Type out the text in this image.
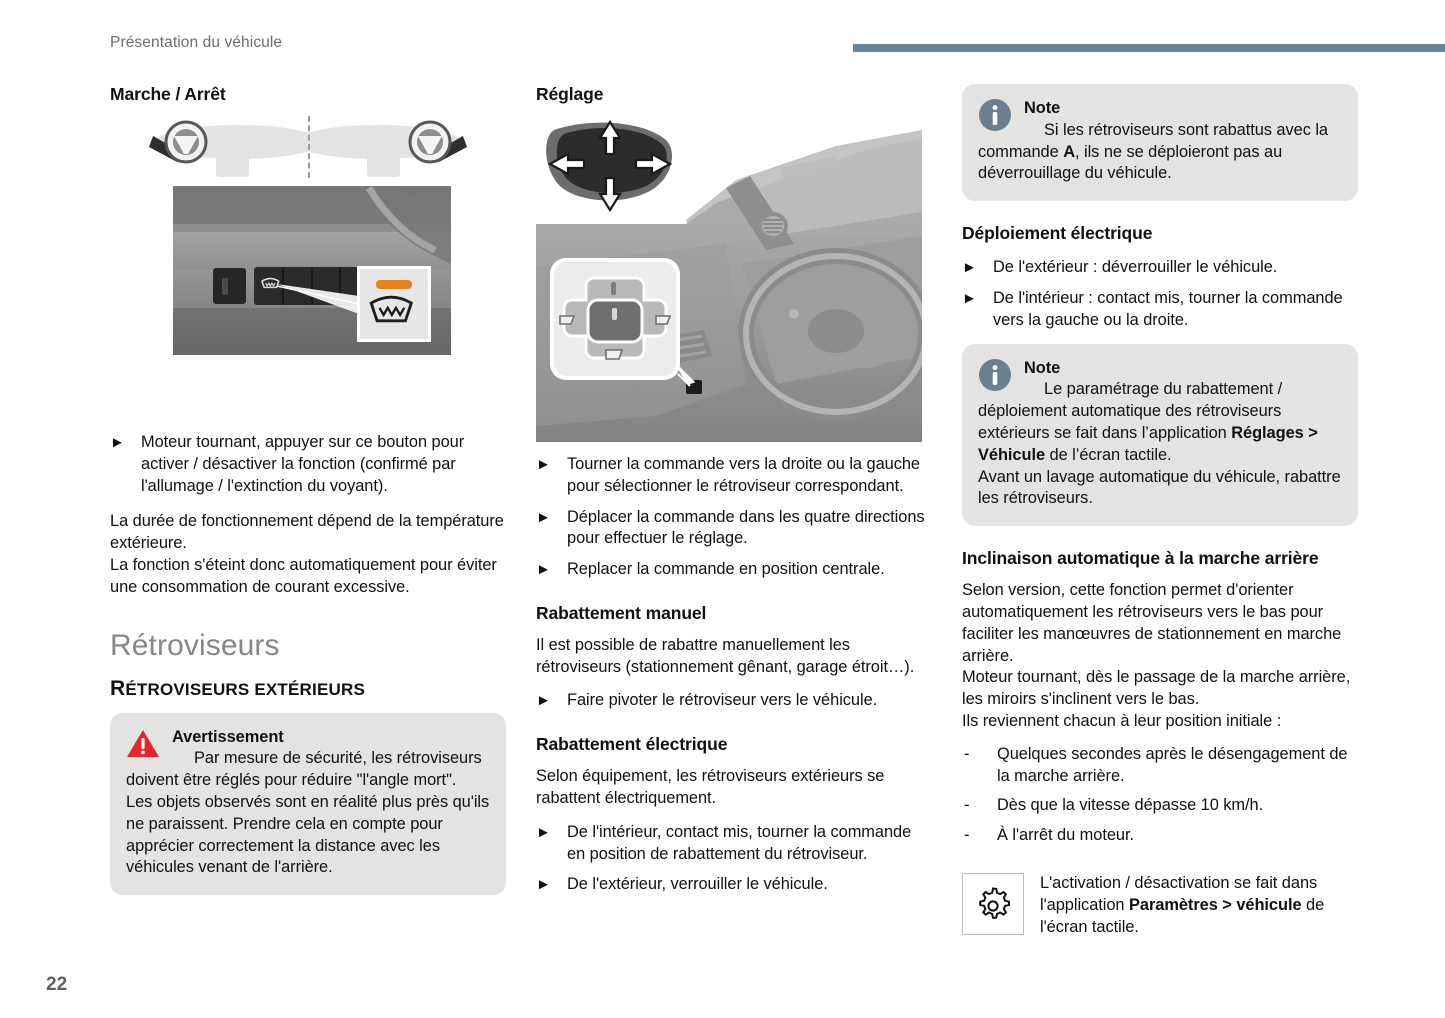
Présentation du véhicule
Marche / Arrêt
► Moteur tournant, appuyer sur ce bouton pour activer / désactiver la fonction (confirmé par l'allumage / l'extinction du voyant).

La durée de fonctionnement dépend de la température extérieure.

La fonction s'éteint donc automatiquement pour éviter une consommation de courant excessive.

Rétroviseurs
RÉTROVISEURS EXTÉRIEURS

Avertissement
Par mesure de sécurité, les rétroviseurs doivent être réglés pour réduire "l'angle mort".
Les objets observés sont en réalité plus près qu'ils ne paraissent. Prendre cela en compte pour apprécier correctement la distance avec les véhicules venant de l'arrière.

Réglage
► Tourner la commande vers la droite ou la gauche pour sélectionner le rétroviseur correspondant.
► Déplacer la commande dans les quatre directions pour effectuer le réglage.
► Replacer la commande en position centrale.
Rabattement manuel

Il est possible de rabattre manuellement les rétroviseurs (stationnement gênant, garage étroit…).

► Faire pivoter le rétroviseur vers le véhicule.
Rabattement électrique

Selon équipement, les rétroviseurs extérieurs se rabattent électriquement.

► De l'intérieur, contact mis, tourner la commande en position de rabattement du rétroviseur.
► De l'extérieur, verrouiller le véhicule.

Note
Si les rétroviseurs sont rabattus avec la commande A, ils ne se déploieront pas au déverrouillage du véhicule.

Déploiement électrique
► De l'extérieur : déverrouiller le véhicule.
► De l'intérieur : contact mis, tourner la commande vers la gauche ou la droite.

Note
Le paramétrage du rabattement / déploiement automatique des rétroviseurs extérieurs se fait dans l’application Réglages > Véhicule de l’écran tactile.
Avant un lavage automatique du véhicule, rabattre les rétroviseurs.

Inclinaison automatique à la marche arrière

Selon version, cette fonction permet d'orienter automatiquement les rétroviseurs vers le bas pour faciliter les manœuvres de stationnement en marche arrière.

Moteur tournant, dès le passage de la marche arrière, les miroirs s'inclinent vers le bas.

Ils reviennent chacun à leur position initiale :

- Quelques secondes après le désengagement de la marche arrière.
- Dès que la vitesse dépasse 10 km/h.
- À l'arrêt du moteur.

L'activation / désactivation se fait dans l'application Paramètres > véhicule de l'écran tactile.

22
